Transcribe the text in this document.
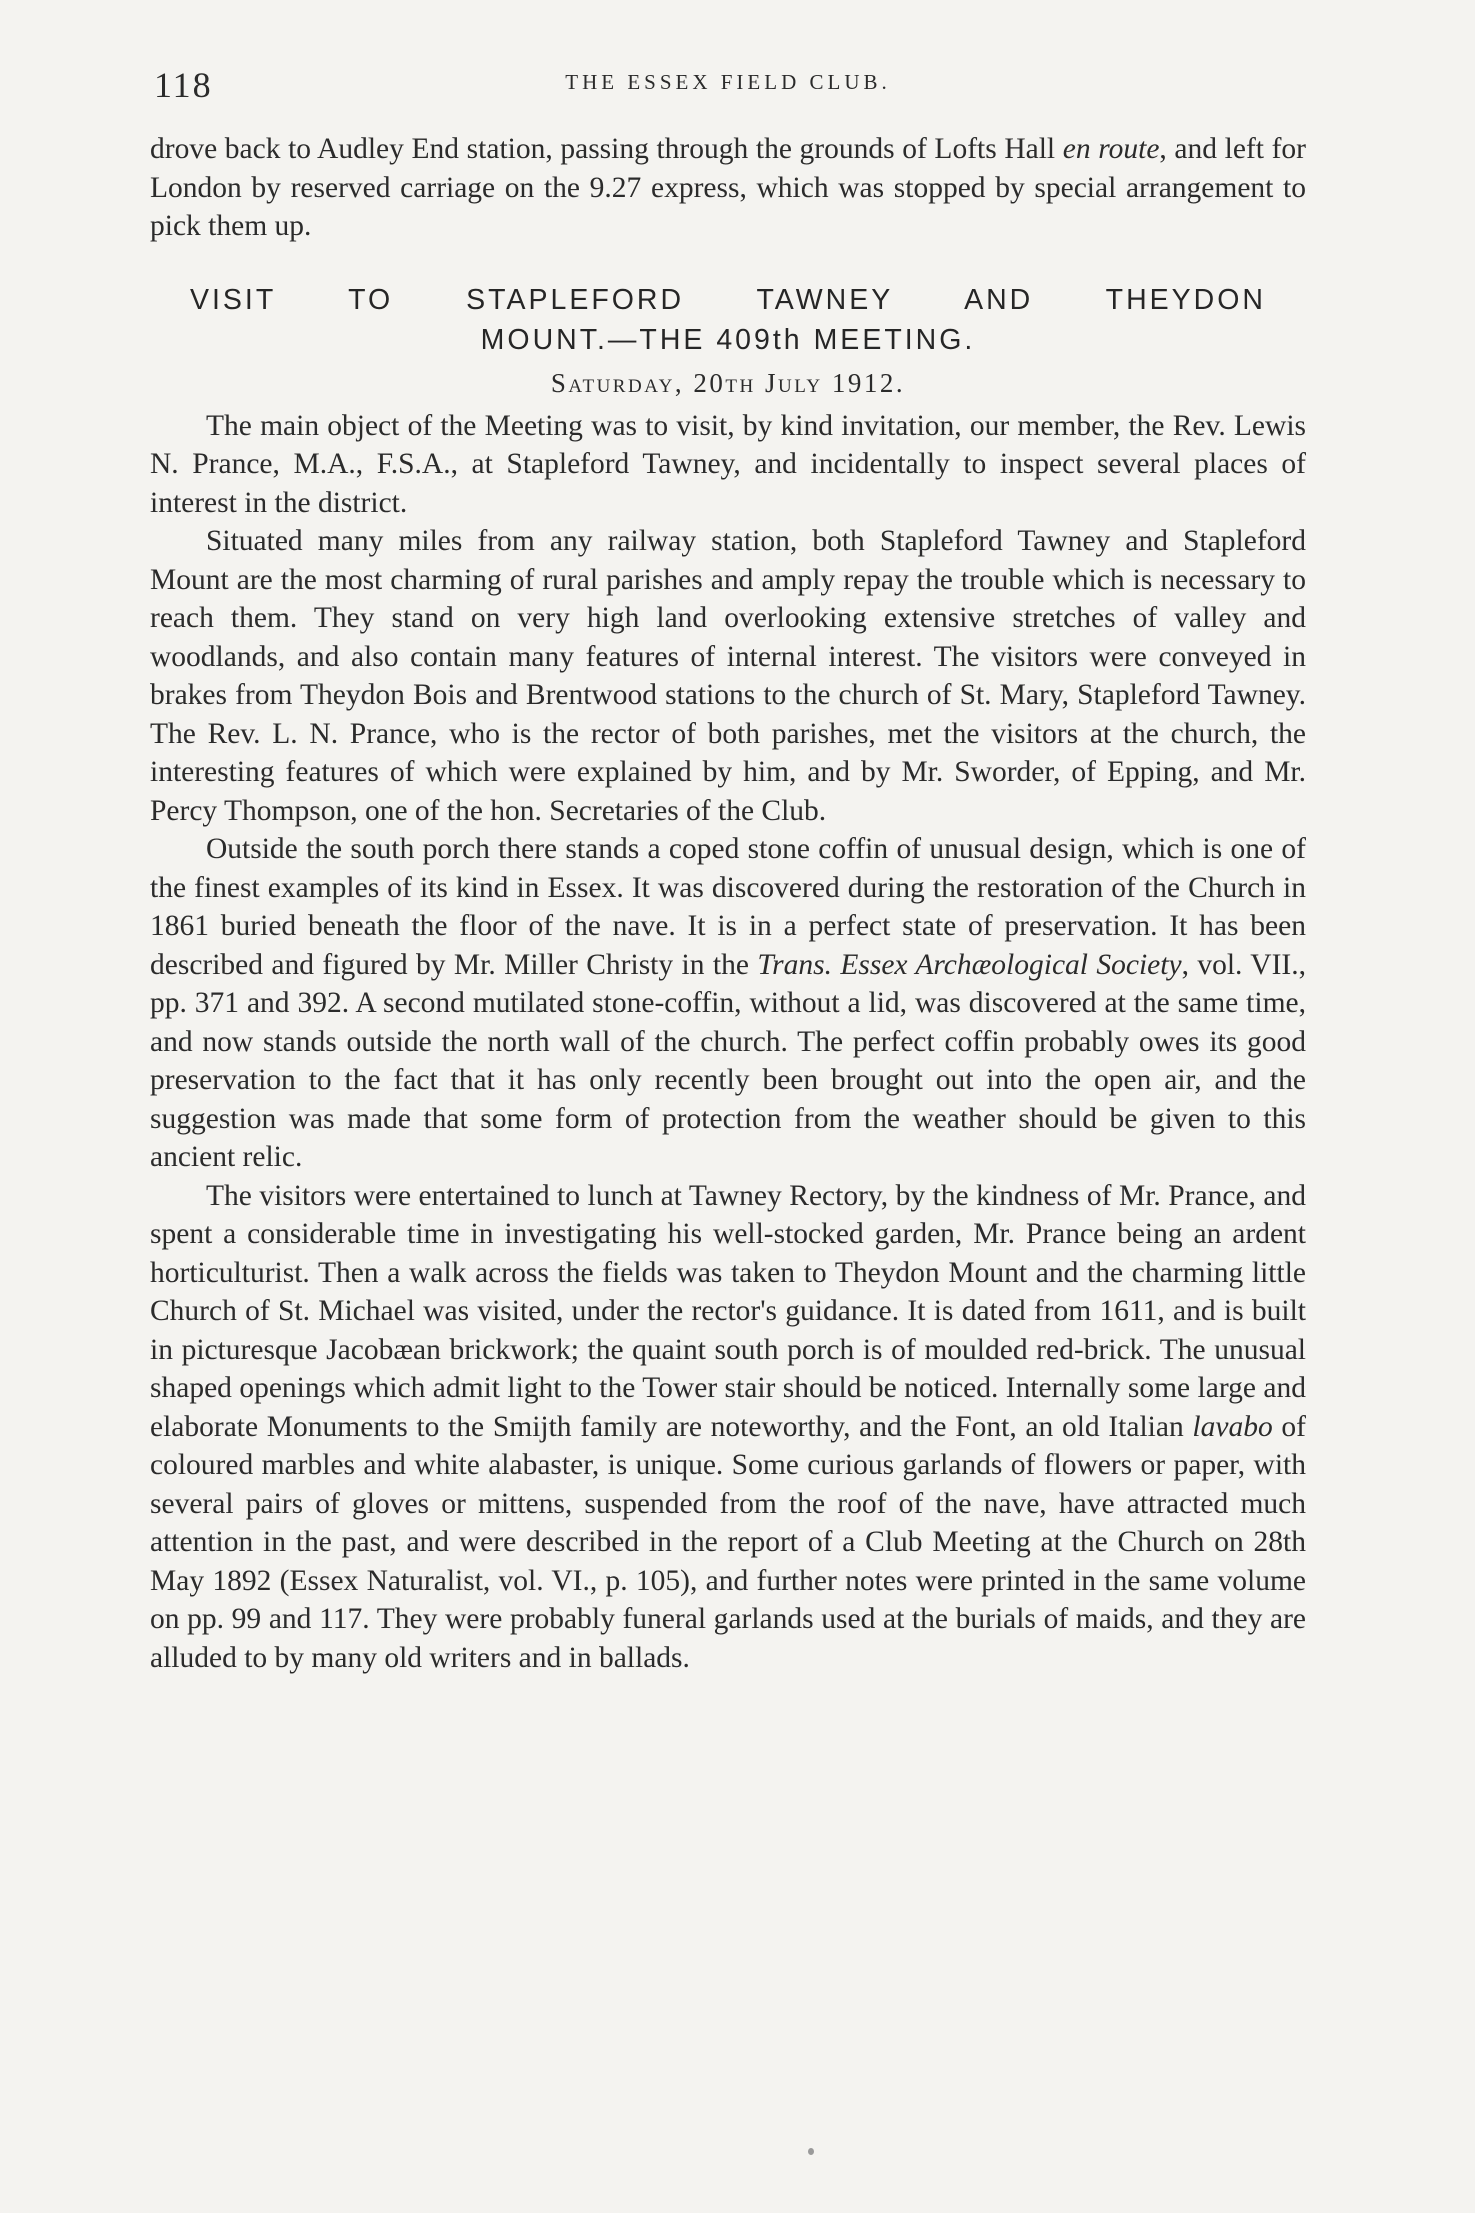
118	THE ESSEX FIELD CLUB.

drove back to Audley End station, passing through the grounds of Lofts Hall en route, and left for London by reserved carriage on the 9.27 express, which was stopped by special arrangement to pick them up.

VISIT TO STAPLEFORD TAWNEY AND THEYDON
MOUNT.—THE 409th MEETING.
Saturday, 20th July 1912.

The main object of the Meeting was to visit, by kind invitation, our member, the Rev. Lewis N. Prance, M.A., F.S.A., at Stapleford Tawney, and incidentally to inspect several places of interest in the district.

Situated many miles from any railway station, both Stapleford Tawney and Stapleford Mount are the most charming of rural parishes and amply repay the trouble which is necessary to reach them. They stand on very high land overlooking extensive stretches of valley and woodlands, and also contain many features of internal interest. The visitors were conveyed in brakes from Theydon Bois and Brentwood stations to the church of St. Mary, Stapleford Tawney. The Rev. L. N. Prance, who is the rector of both parishes, met the visitors at the church, the interesting features of which were explained by him, and by Mr. Sworder, of Epping, and Mr. Percy Thompson, one of the hon. Secretaries of the Club.

Outside the south porch there stands a coped stone coffin of unusual design, which is one of the finest examples of its kind in Essex. It was discovered during the restoration of the Church in 1861 buried beneath the floor of the nave. It is in a perfect state of preservation. It has been described and figured by Mr. Miller Christy in the Trans. Essex Archæological Society, vol. VII., pp. 371 and 392. A second mutilated stone-coffin, without a lid, was discovered at the same time, and now stands outside the north wall of the church. The perfect coffin probably owes its good preservation to the fact that it has only recently been brought out into the open air, and the suggestion was made that some form of protection from the weather should be given to this ancient relic.

The visitors were entertained to lunch at Tawney Rectory, by the kindness of Mr. Prance, and spent a considerable time in investigating his well-stocked garden, Mr. Prance being an ardent horticulturist. Then a walk across the fields was taken to Theydon Mount and the charming little Church of St. Michael was visited, under the rector's guidance. It is dated from 1611, and is built in picturesque Jacobæan brickwork; the quaint south porch is of moulded red-brick. The unusual shaped openings which admit light to the Tower stair should be noticed. Internally some large and elaborate Monuments to the Smijth family are noteworthy, and the Font, an old Italian lavabo of coloured marbles and white alabaster, is unique. Some curious garlands of flowers or paper, with several pairs of gloves or mittens, suspended from the roof of the nave, have attracted much attention in the past, and were described in the report of a Club Meeting at the Church on 28th May 1892 (Essex Naturalist, vol. VI., p. 105), and further notes were printed in the same volume on pp. 99 and 117. They were probably funeral garlands used at the burials of maids, and they are alluded to by many old writers and in ballads.
